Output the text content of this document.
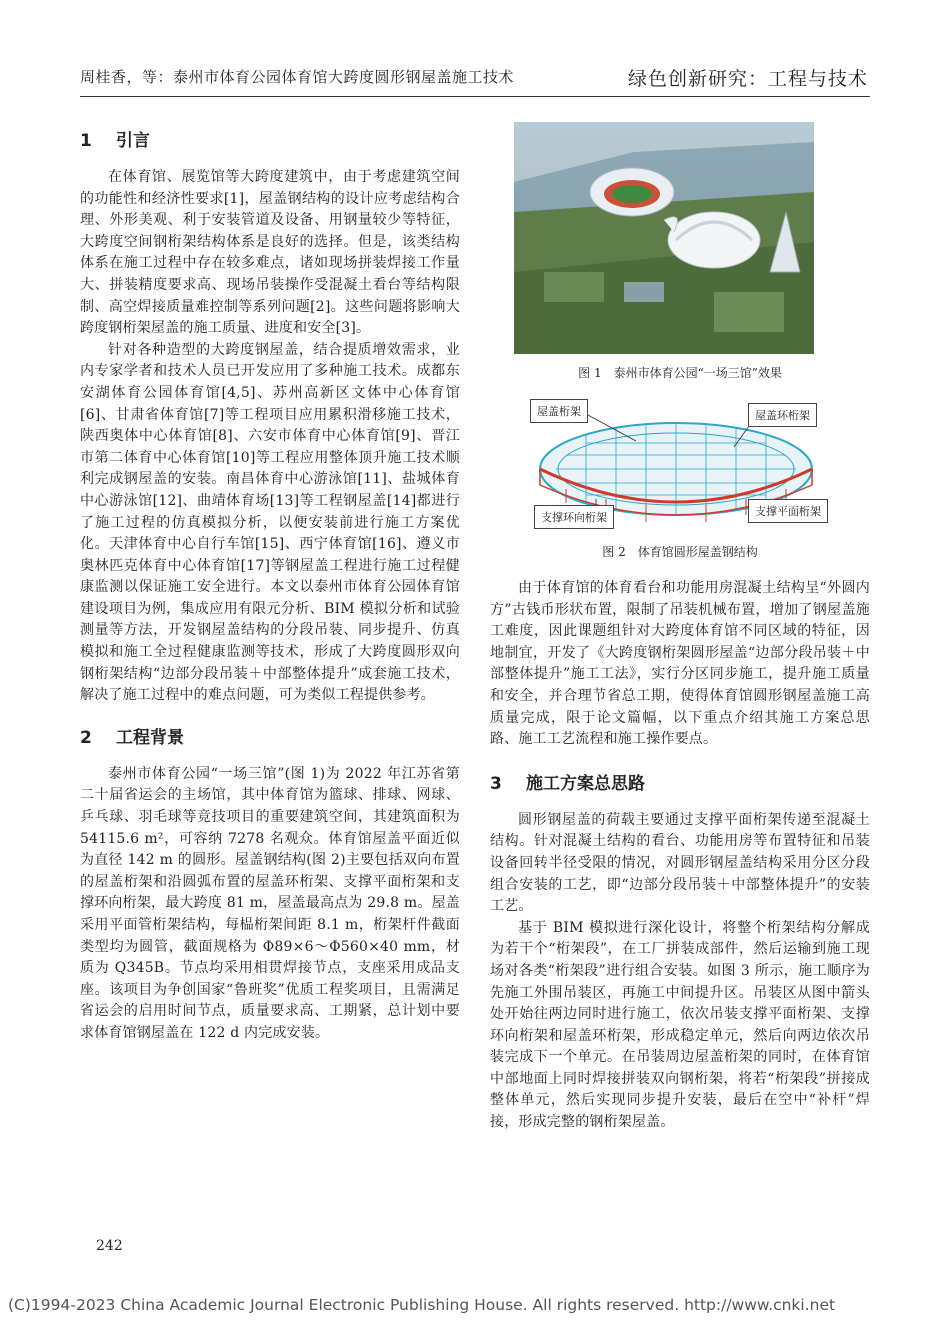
周桂香，等：泰州市体育公园体育馆大跨度圆形钢屋盖施工技术	绿色创新研究：工程与技术
1 引言

在体育馆、展览馆等大跨度建筑中，由于考虑建筑空间的功能性和经济性要求[1]，屋盖钢结构的设计应考虑结构合理、外形美观、利于安装管道及设备、用钢量较少等特征，大跨度空间钢桁架结构体系是良好的选择。但是，该类结构体系在施工过程中存在较多难点，诸如现场拼装焊接工作量大、拼装精度要求高、现场吊装操作受混凝土看台等结构限制、高空焊接质量难控制等系列问题[2]。这些问题将影响大跨度钢桁架屋盖的施工质量、进度和安全[3]。

针对各种造型的大跨度钢屋盖，结合提质增效需求，业内专家学者和技术人员已开发应用了多种施工技术。成都东安湖体育公园体育馆[4,5]、苏州高新区文体中心体育馆[6]、甘肃省体育馆[7]等工程项目应用累积滑移施工技术，陕西奥体中心体育馆[8]、六安市体育中心体育馆[9]、晋江市第二体育中心体育馆[10]等工程应用整体顶升施工技术顺利完成钢屋盖的安装。南昌体育中心游泳馆[11]、盐城体育中心游泳馆[12]、曲靖体育场[13]等工程钢屋盖[14]都进行了施工过程的仿真模拟分析，以便安装前进行施工方案优化。天津体育中心自行车馆[15]、西宁体育馆[16]、遵义市奥林匹克体育中心体育馆[17]等钢屋盖工程进行施工过程健康监测以保证施工安全进行。本文以泰州市体育公园体育馆建设项目为例，集成应用有限元分析、BIM 模拟分析和试验测量等方法，开发钢屋盖结构的分段吊装、同步提升、仿真模拟和施工全过程健康监测等技术，形成了大跨度圆形双向钢桁架结构“边部分段吊装＋中部整体提升”成套施工技术，解决了施工过程中的难点问题，可为类似工程提供参考。

2 工程背景

泰州市体育公园“一场三馆”(图 1)为 2022 年江苏省第二十届省运会的主场馆，其中体育馆为篮球、排球、网球、乒乓球、羽毛球等竞技项目的重要建筑空间，其建筑面积为 54115.6 m²，可容纳 7278 名观众。体育馆屋盖平面近似为直径 142 m 的圆形。屋盖钢结构(图 2)主要包括双向布置的屋盖桁架和沿圆弧布置的屋盖环桁架、支撑平面桁架和支撑环向桁架，最大跨度 81 m，屋盖最高点为 29.8 m。屋盖采用平面管桁架结构，每榀桁架间距 8.1 m，桁架杆件截面类型均为圆管，截面规格为 Φ89×6～Φ560×40 mm，材质为 Q345B。节点均采用相贯焊接节点，支座采用成品支座。该项目为争创国家“鲁班奖”优质工程奖项目，且需满足省运会的启用时间节点，质量要求高、工期紧，总计划中要求体育馆钢屋盖在 122 d 内完成安装。

图 1　泰州市体育公园“一场三馆”效果
屋盖桁架	屋盖环桁架
支撑环向桁架	支撑平面桁架
图 2　体育馆圆形屋盖钢结构

由于体育馆的体育看台和功能用房混凝土结构呈“外圆内方”古钱币形状布置，限制了吊装机械布置，增加了钢屋盖施工难度，因此课题组针对大跨度体育馆不同区域的特征，因地制宜，开发了《大跨度钢桁架圆形屋盖“边部分段吊装＋中部整体提升”施工工法》，实行分区同步施工，提升施工质量和安全，并合理节省总工期，使得体育馆圆形钢屋盖施工高质量完成，限于论文篇幅，以下重点介绍其施工方案总思路、施工工艺流程和施工操作要点。

3 施工方案总思路

圆形钢屋盖的荷载主要通过支撑平面桁架传递至混凝土结构。针对混凝土结构的看台、功能用房等布置特征和吊装设备回转半径受限的情况，对圆形钢屋盖结构采用分区分段组合安装的工艺，即“边部分段吊装＋中部整体提升”的安装工艺。

基于 BIM 模拟进行深化设计，将整个桁架结构分解成为若干个“桁架段”，在工厂拼装成部件，然后运输到施工现场对各类“桁架段”进行组合安装。如图 3 所示，施工顺序为先施工外围吊装区，再施工中间提升区。吊装区从图中箭头处开始往两边同时进行施工，依次吊装支撑平面桁架、支撑环向桁架和屋盖环桁架，形成稳定单元，然后向两边依次吊装完成下一个单元。在吊装周边屋盖桁架的同时，在体育馆中部地面上同时焊接拼装双向钢桁架，将若“桁架段”拼接成整体单元，然后实现同步提升安装，最后在空中“补杆”焊接，形成完整的钢桁架屋盖。

242
(C)1994-2023 China Academic Journal Electronic Publishing House. All rights reserved. http://www.cnki.net
